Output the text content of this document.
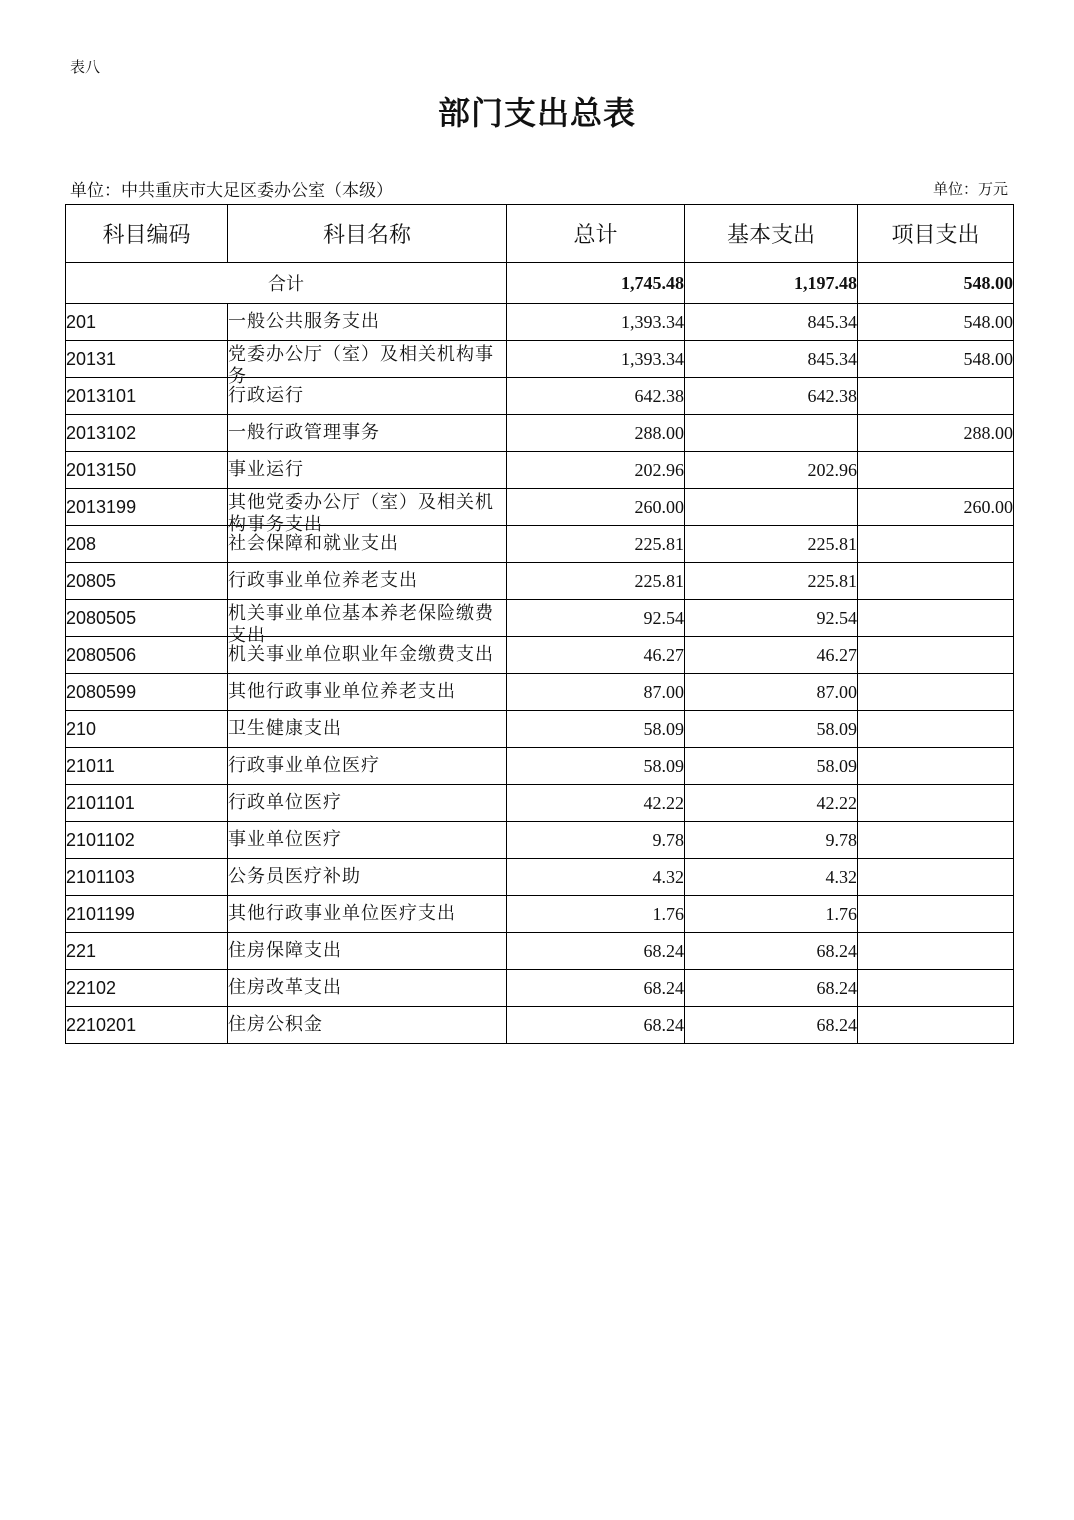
表八
部门支出总表
单位：中共重庆市大足区委办公室（本级）	单位：万元
科目编码	科目名称	总计	基本支出	项目支出
合计		1,745.48	1,197.48	548.00
201	一般公共服务支出	1,393.34	845.34	548.00
20131	党委办公厅（室）及相关机构事务	1,393.34	845.34	548.00
2013101	行政运行	642.38	642.38	
2013102	一般行政管理事务	288.00		288.00
2013150	事业运行	202.96	202.96	
2013199	其他党委办公厅（室）及相关机构事务支出	260.00		260.00
208	社会保障和就业支出	225.81	225.81	
20805	行政事业单位养老支出	225.81	225.81	
2080505	机关事业单位基本养老保险缴费支出	92.54	92.54	
2080506	机关事业单位职业年金缴费支出	46.27	46.27	
2080599	其他行政事业单位养老支出	87.00	87.00	
210	卫生健康支出	58.09	58.09	
21011	行政事业单位医疗	58.09	58.09	
2101101	行政单位医疗	42.22	42.22	
2101102	事业单位医疗	9.78	9.78	
2101103	公务员医疗补助	4.32	4.32	
2101199	其他行政事业单位医疗支出	1.76	1.76	
221	住房保障支出	68.24	68.24	
22102	住房改革支出	68.24	68.24	
2210201	住房公积金	68.24	68.24	
